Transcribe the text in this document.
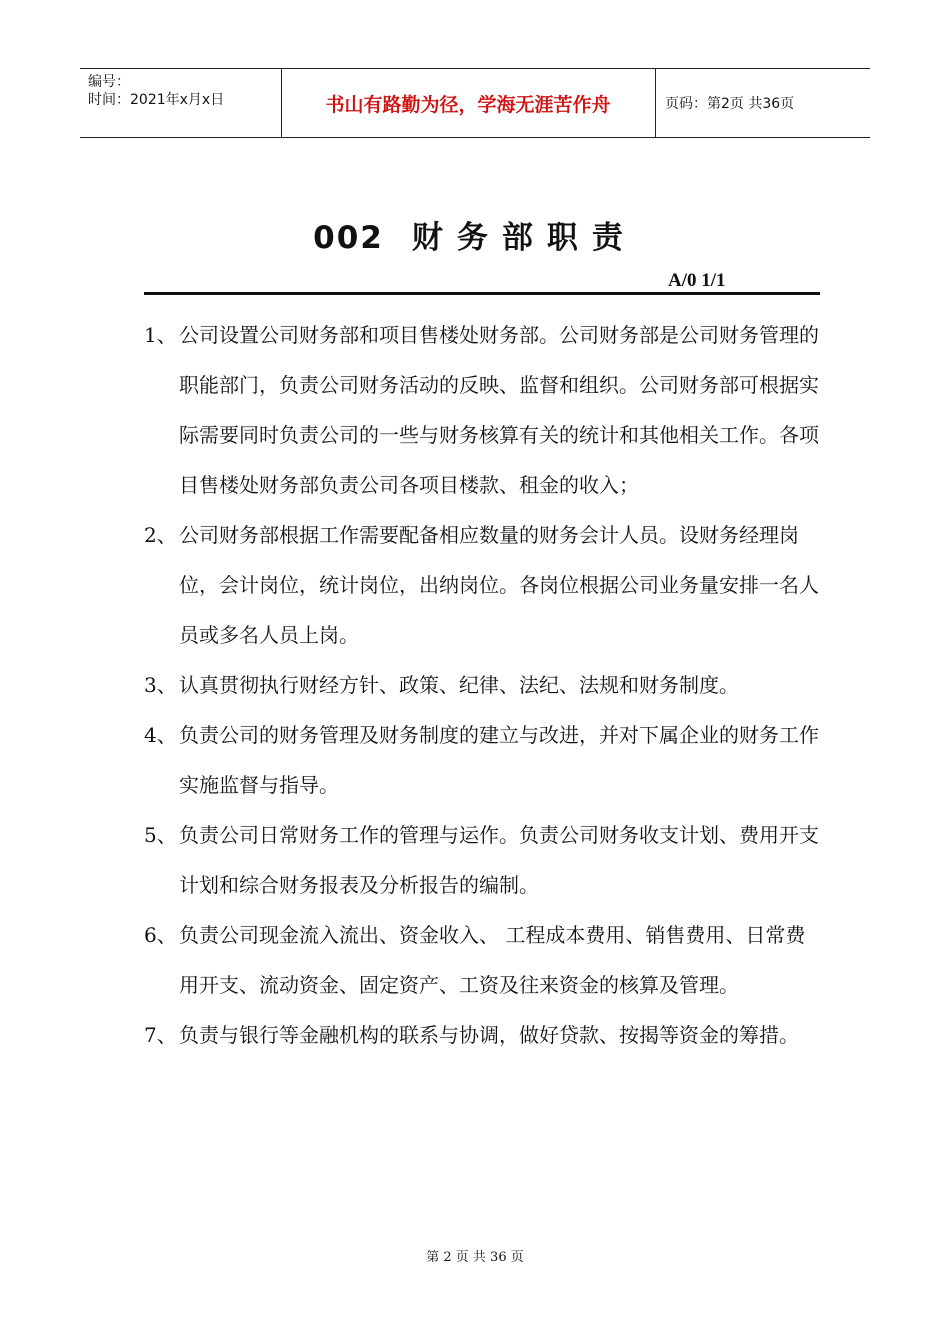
编号：
时间：2021年x月x日	书山有路勤为径，学海无涯苦作舟	页码：第2页 共36页
002 财务部职责
A/0 1/1
1、 公司设置公司财务部和项目售楼处财务部。公司财务部是公司财务管理的职能部门，负责公司财务活动的反映、监督和组织。公司财务部可根据实际需要同时负责公司的一些与财务核算有关的统计和其他相关工作。各项目售楼处财务部负责公司各项目楼款、租金的收入；
2、 公司财务部根据工作需要配备相应数量的财务会计人员。设财务经理岗位，会计岗位，统计岗位，出纳岗位。各岗位根据公司业务量安排一名人员或多名人员上岗。
3、 认真贯彻执行财经方针、政策、纪律、法纪、法规和财务制度。
4、 负责公司的财务管理及财务制度的建立与改进，并对下属企业的财务工作实施监督与指导。
5、 负责公司日常财务工作的管理与运作。负责公司财务收支计划、费用开支计划和综合财务报表及分析报告的编制。
6、 负责公司现金流入流出、资金收入、 工程成本费用、销售费用、日常费用开支、流动资金、固定资产、工资及往来资金的核算及管理。
7、 负责与银行等金融机构的联系与协调，做好贷款、按揭等资金的筹措。
第 2 页 共 36 页
